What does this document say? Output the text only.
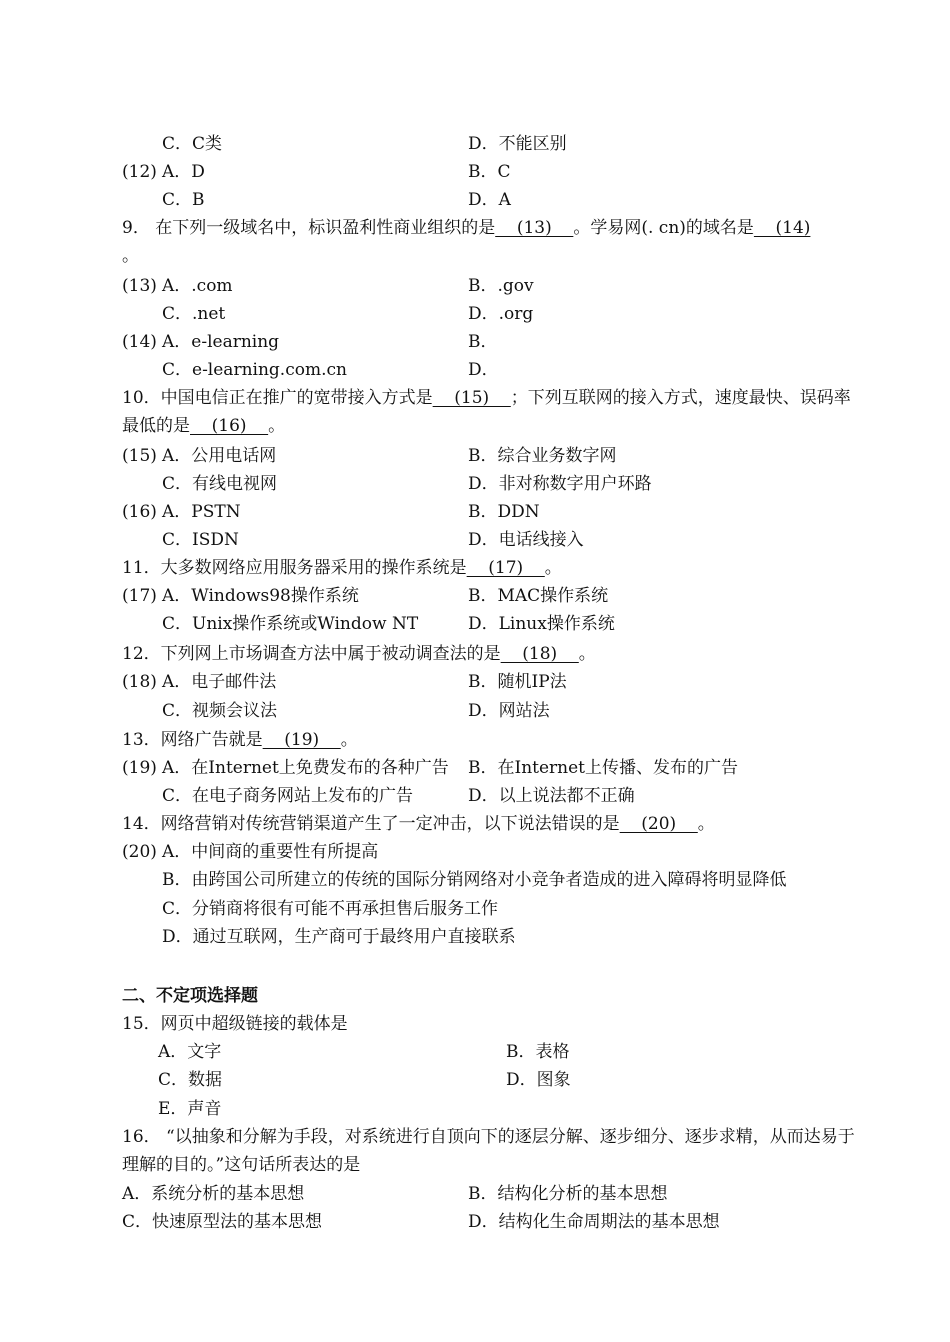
C．C类	D．不能区别
(12) A．D	B．C
C．B	D．A
9． 在下列一级域名中，标识盈利性商业组织的是    (13)    。学易网(. cn)的域名是    (14)
。
(13) A．.com	B．.gov
C．.net	D．.org
(14) A．e-learning	B．
C．e-learning.com.cn	D．
10．中国电信正在推广的宽带接入方式是    (15)    ；下列互联网的接入方式，速度最快、误码率最低的是    (16)    。
(15) A．公用电话网	B．综合业务数字网
C．有线电视网	D．非对称数字用户环路
(16) A．PSTN	B．DDN
C．ISDN	D．电话线接入
11．大多数网络应用服务器采用的操作系统是    (17)    。
(17) A．Windows98操作系统	B．MAC操作系统
C．Unix操作系统或Window NT	D．Linux操作系统
12．下列网上市场调查方法中属于被动调查法的是    (18)    。
(18) A．电子邮件法	B．随机IP法
C．视频会议法	D．网站法
13．网络广告就是    (19)    。
(19) A．在Internet上免费发布的各种广告 B．在Internet上传播、发布的广告
C．在电子商务网站上发布的广告	D．以上说法都不正确
14．网络营销对传统营销渠道产生了一定冲击，以下说法错误的是    (20)    。
(20) A．中间商的重要性有所提高
B．由跨国公司所建立的传统的国际分销网络对小竞争者造成的进入障碍将明显降低
C．分销商将很有可能不再承担售后服务工作
D．通过互联网，生产商可于最终用户直接联系
二、不定项选择题
15．网页中超级链接的载体是
A．文字	B．表格
C．数据	D．图象
E．声音
16． “以抽象和分解为手段，对系统进行自顶向下的逐层分解、逐步细分、逐步求精，从而达易于理解的目的。”这句话所表达的是
A．系统分析的基本思想	B．结构化分析的基本思想
C．快速原型法的基本思想	D．结构化生命周期法的基本思想
